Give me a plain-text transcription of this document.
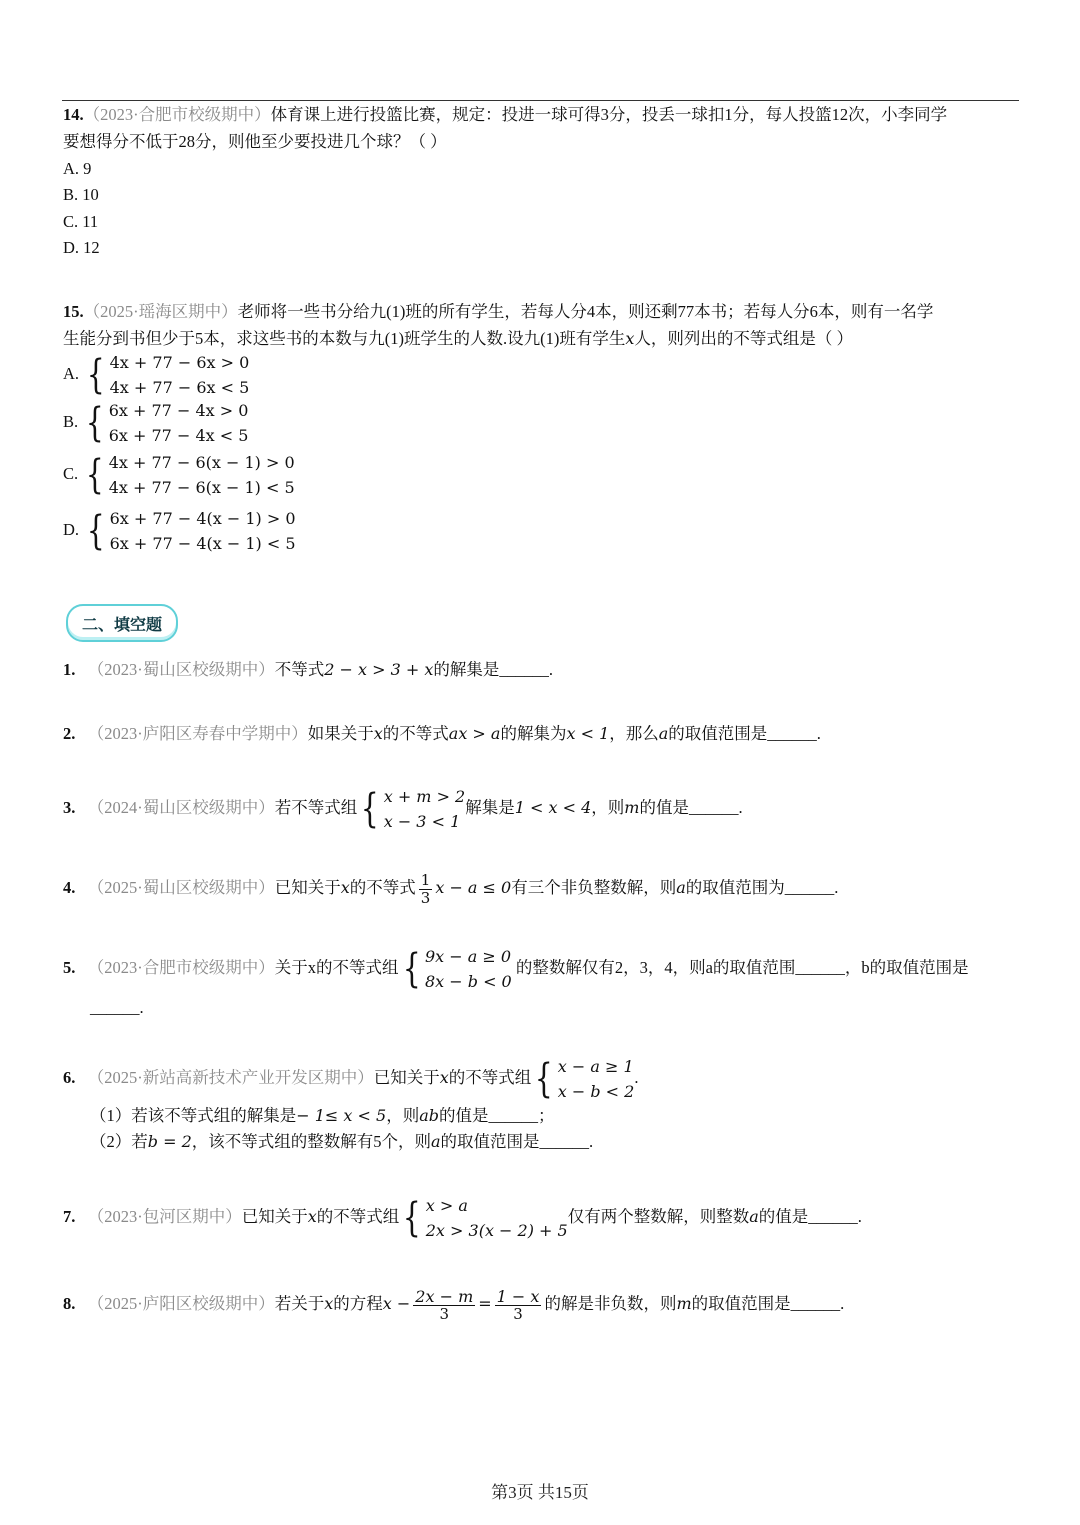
14.（2023·合肥市校级期中）体育课上进行投篮比赛，规定：投进一球可得3分，投丢一球扣1分，每人投篮12次，小李同学
要想得分不低于28分，则他至少要投进几个球？（ ）
A. 9
B. 10
C. 11
D. 12
15.（2025·瑶海区期中）老师将一些书分给九(1)班的所有学生，若每人分4本，则还剩77本书；若每人分6本，则有一名学
生能分到书但少于5本，求这些书的本数与九(1)班学生的人数.设九(1)班有学生x人，则列出的不等式组是（ ）
A. { 4x + 77 − 6x > 0
4x + 77 − 6x < 5
B. { 6x + 77 − 4x > 0
6x + 77 − 4x < 5
C. { 4x + 77 − 6(x − 1) > 0
4x + 77 − 6(x − 1) < 5
D. { 6x + 77 − 4(x − 1) > 0
6x + 77 − 4(x − 1) < 5
二、填空题
1. （2023·蜀山区校级期中）不等式2 − x > 3 + x的解集是______.
2. （2023·庐阳区寿春中学期中）如果关于x的不等式ax > a的解集为x < 1，那么a的取值范围是______.
3. （2024·蜀山区校级期中）若不等式组 { x + m > 2
x − 3 < 1
解集是1 < x < 4，则m的值是______.
4. （2025·蜀山区校级期中）已知关于x的不等式 $\frac{1}{3}$ x − a ≤ 0有三个非负整数解，则a的取值范围为______.
5. （2023·合肥市校级期中）关于x的不等式组 { 9x − a ≥ 0
8x − b < 0
的整数解仅有2，3，4，则a的取值范围______，b的取值范围是
______.
6. （2025·新站高新技术产业开发区期中）已知关于x的不等式组 { x − a ≥ 1
x − b < 2
.
（1）若该不等式组的解集是− 1≤ x < 5，则ab的值是______；
（2）若b = 2，该不等式组的整数解有5个，则a的取值范围是______.
7. （2023·包河区期中）已知关于x的不等式组 { x > a
2x > 3(x − 2) + 5
仅有两个整数解，则整数a的值是______.
8. （2025·庐阳区校级期中）若关于x的方程$x - \frac{2x - m}{3} = \frac{1 - x}{3}$ 的解是非负数，则m的取值范围是______.
第3页 共15页
